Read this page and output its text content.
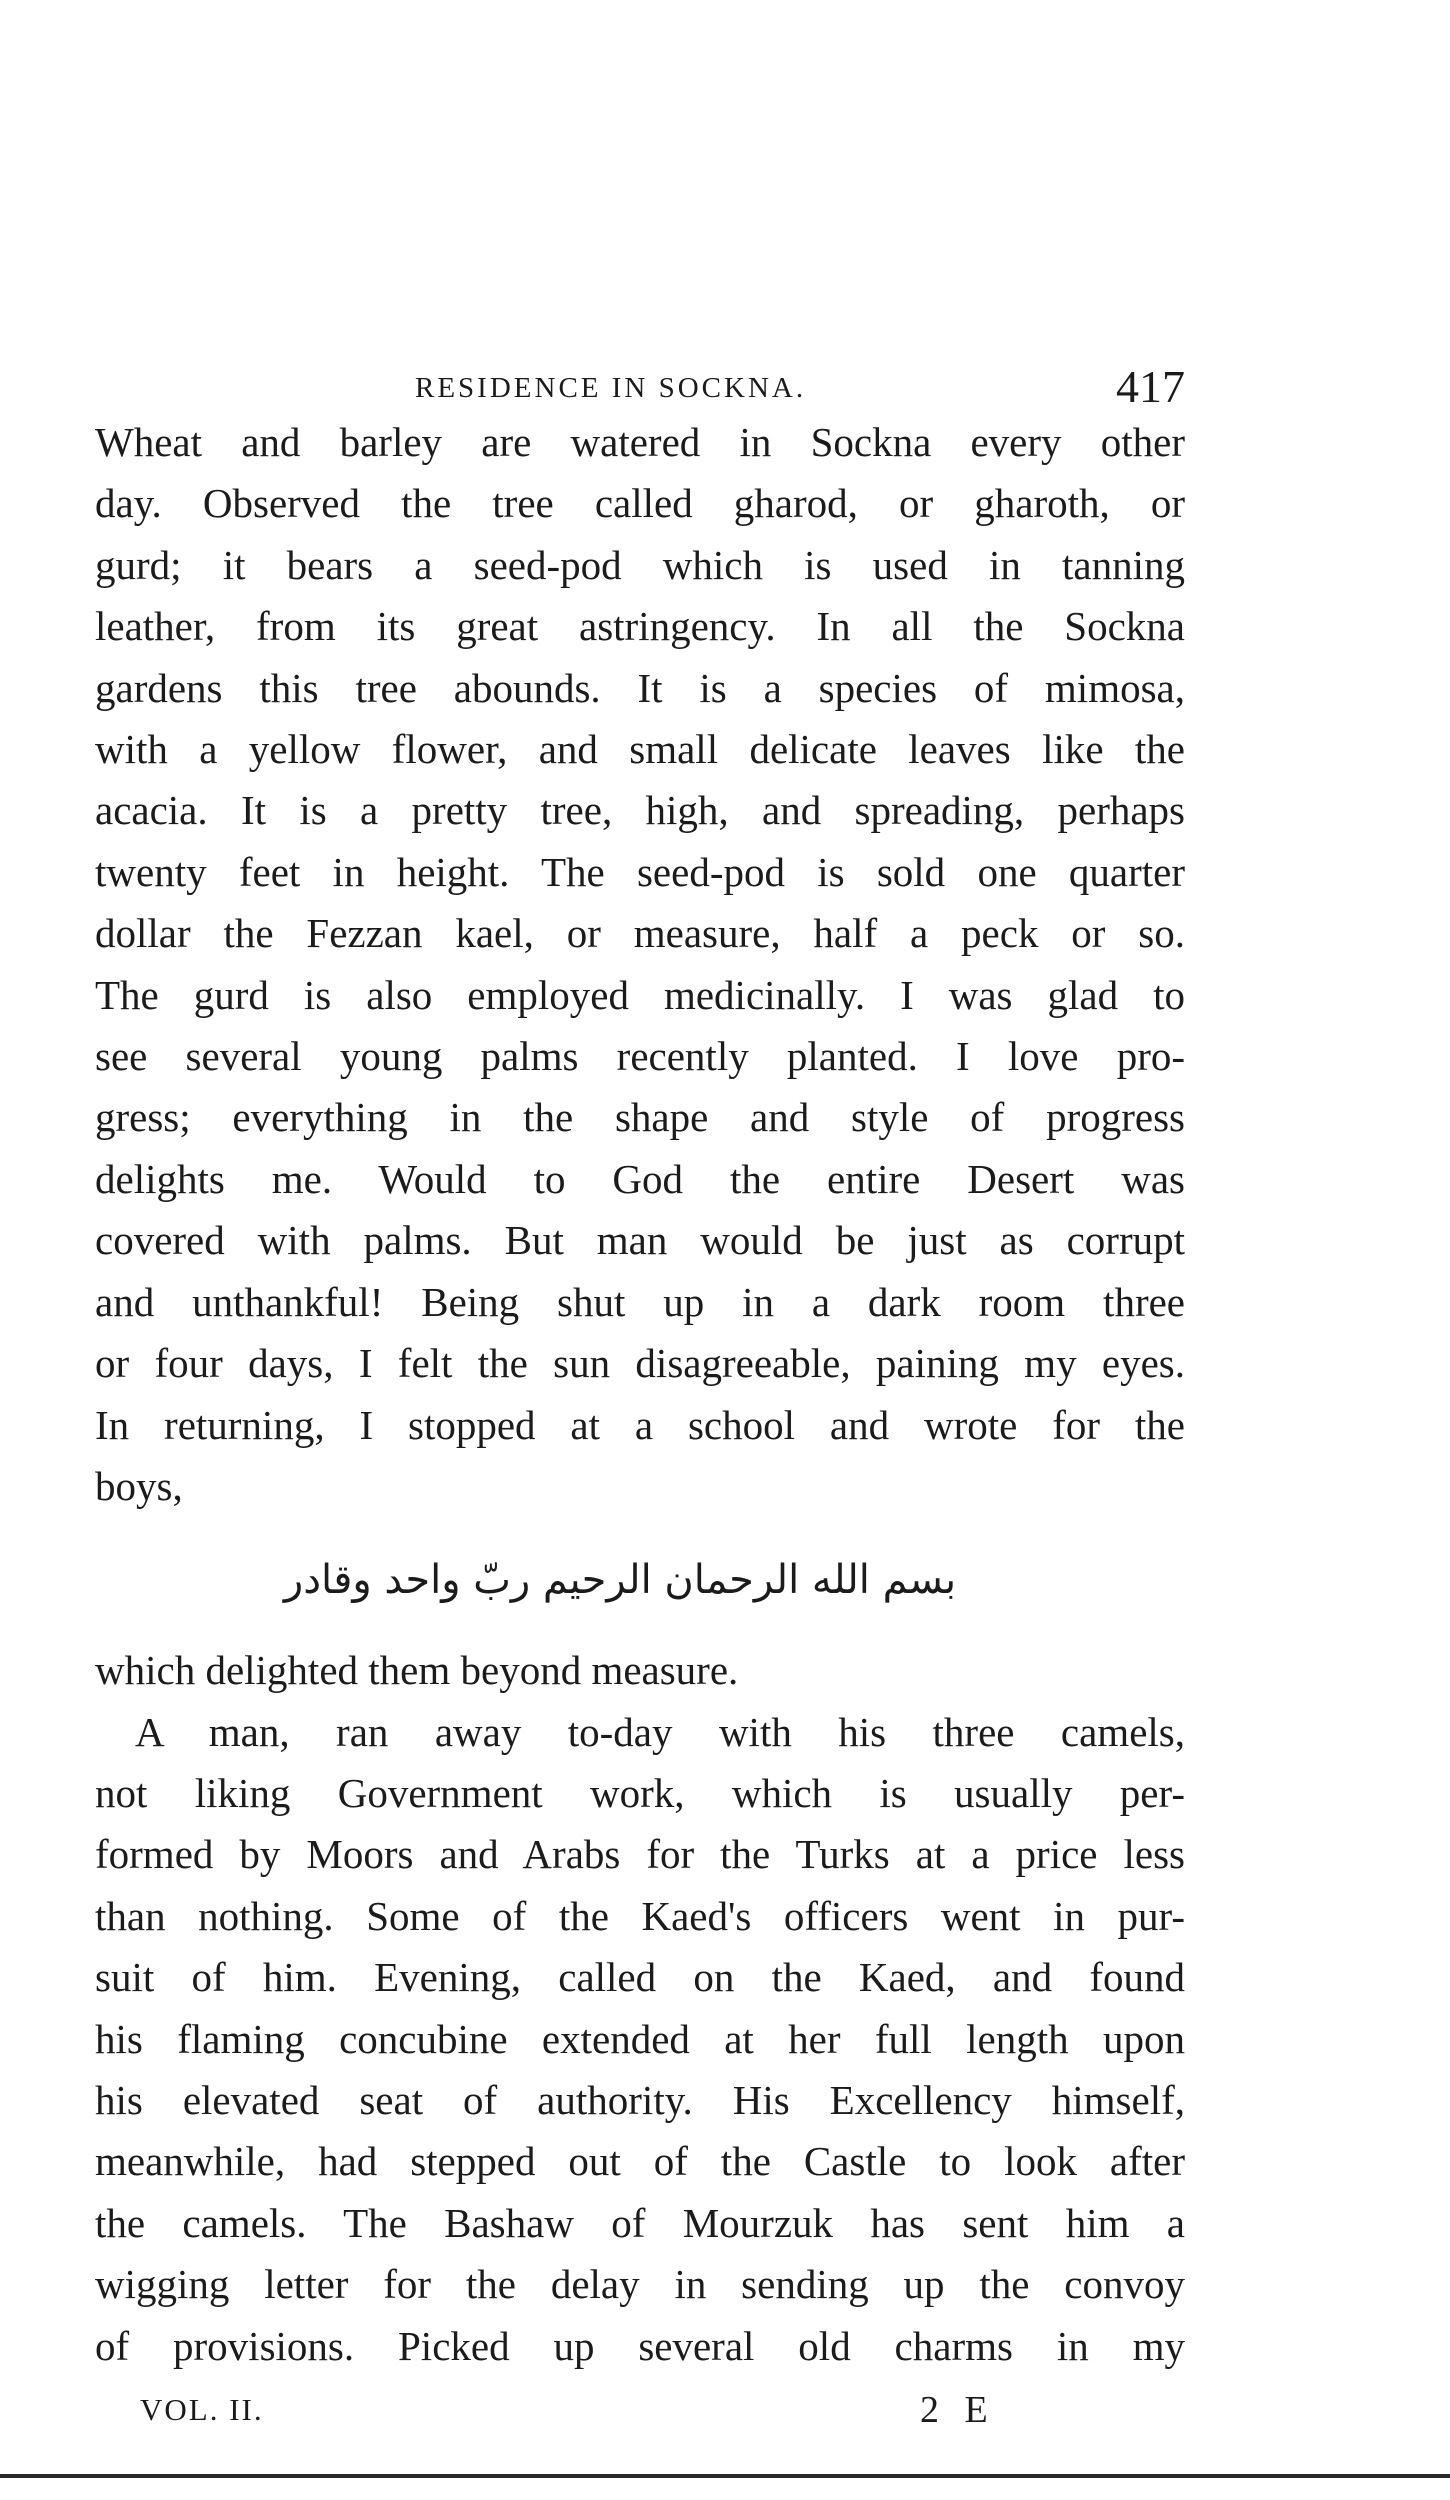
RESIDENCE IN SOCKNA.	417
Wheat and barley are watered in Sockna every other
day. Observed the tree called gharod, or gharoth, or
gurd; it bears a seed-pod which is used in tanning
leather, from its great astringency. In all the Sockna
gardens this tree abounds. It is a species of mimosa,
with a yellow flower, and small delicate leaves like the
acacia. It is a pretty tree, high, and spreading, perhaps
twenty feet in height. The seed-pod is sold one quarter
dollar the Fezzan kael, or measure, half a peck or so.
The gurd is also employed medicinally. I was glad to
see several young palms recently planted. I love pro-
gress; everything in the shape and style of progress
delights me. Would to God the entire Desert was
covered with palms. But man would be just as corrupt
and unthankful! Being shut up in a dark room three
or four days, I felt the sun disagreeable, paining my eyes.
In returning, I stopped at a school and wrote for the
boys,
which delighted them beyond measure.
A man, ran away to-day with his three camels,
not liking Government work, which is usually per-
formed by Moors and Arabs for the Turks at a price less
than nothing. Some of the Kaed's officers went in pur-
suit of him. Evening, called on the Kaed, and found
his flaming concubine extended at her full length upon
his elevated seat of authority. His Excellency himself,
meanwhile, had stepped out of the Castle to look after
the camels. The Bashaw of Mourzuk has sent him a
wigging letter for the delay in sending up the convoy
of provisions. Picked up several old charms in my
بسم الله الرحمان الرحيم ربّ واحد وقادر
VOL. II.	2 E
